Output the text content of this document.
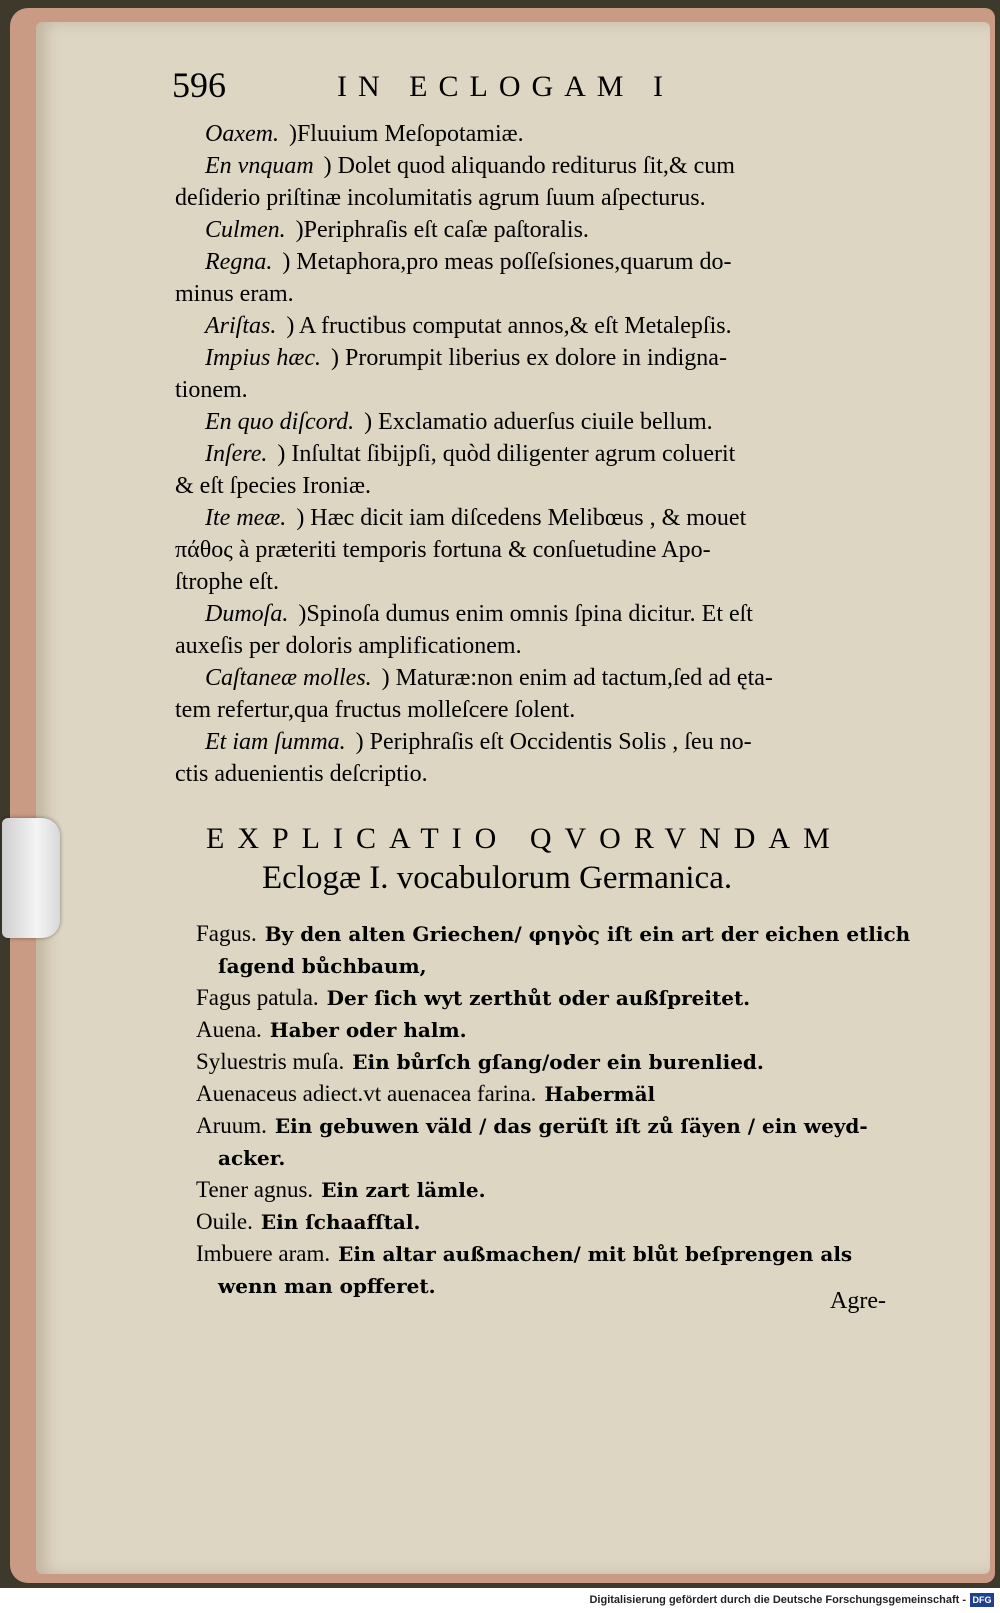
596	IN ECLOGAM I
Oaxem. )Fluuium Meſopotamiæ.
En vnquam ) Dolet quod aliquando rediturus ſit,& cum
deſiderio priſtinæ incolumitatis agrum ſuum aſpecturus.
Culmen. )Periphraſis eſt caſæ paſtoralis.
Regna. ) Metaphora,pro meas poſſeſsiones,quarum do-
minus eram.
Ariſtas. ) A fructibus computat annos,& eſt Metalepſis.
Impius hæc. ) Prorumpit liberius ex dolore in indigna-
tionem.
En quo diſcord. ) Exclamatio aduerſus ciuile bellum.
Inſere. ) Inſultat ſibijpſi, quòd diligenter agrum coluerit
& eſt ſpecies Ironiæ.
Ite meæ. ) Hæc dicit iam diſcedens Melibœus , & mouet
πάθος à præteriti temporis fortuna & conſuetudine Apo-
ſtrophe eſt.
Dumoſa. )Spinoſa dumus enim omnis ſpina dicitur. Et eſt
auxeſis per doloris amplificationem.
Caſtaneæ molles. ) Maturæ:non enim ad tactum,ſed ad ęta-
tem refertur,qua fructus molleſcere ſolent.
Et iam ſumma. ) Periphraſis eſt Occidentis Solis , ſeu no-
ctis aduenientis deſcriptio.
EXPLICATIO QVORVNDAM
Eclogæ I. vocabulorum Germanica.
Fagus. By den alten Griechen/ φηγὸς iſt ein art der eichen etlich
ſagend bůchbaum,
Fagus patula. Der ſich wyt zerthůt oder außſpreitet.
Auena. Haber oder halm.
Syluestris muſa. Ein bůrſch gſang/oder ein burenlied.
Auenaceus adiect.vt auenacea farina. Habermäl
Aruum. Ein gebuwen väld / das gerüſt iſt zů ſäyen / ein weyd-
acker.
Tener agnus. Ein zart lämle.
Ouile. Ein ſchaafſtal.
Imbuere aram. Ein altar außmachen/ mit blůt beſprengen als
wenn man opfferet.
Agre-
Digitalisierung gefördert durch die Deutsche Forschungsgemeinschaft - DFG
